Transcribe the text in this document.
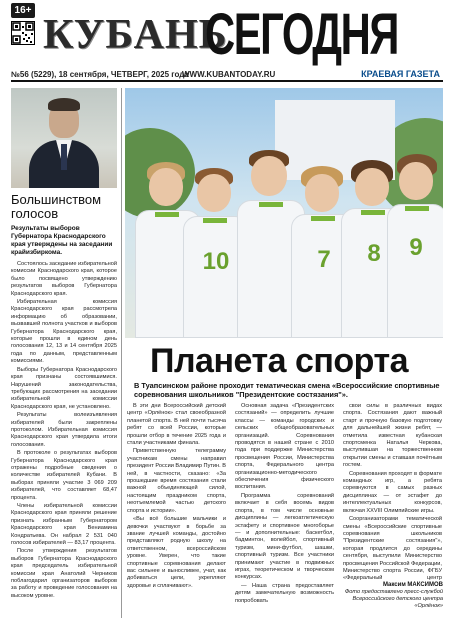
16+
КУБАНЬ
СЕГОДНЯ
№56 (5229), 18 сентября, ЧЕТВЕРГ, 2025 года
WWW.KUBANTODAY.RU	КРАЕВАЯ ГАЗЕТА
Большинством голосов
Результаты выборов Губернатора Краснодарского края утверждены на заседании крайизбиркома.

Состоялось заседание избирательной комиссии Краснодарского края, которое было посвящено утверждению результатов выборов Губернатора Краснодарского края.

Избирательная комиссия Краснодарского края рассмотрела информацию об образовании, вызвавшей полнота участков и выборов Губернатора Краснодарского края, которые прошли в едином день голосования 12, 13 и 14 сентября 2025 года по данным, представленным комиссиями.

Выборы Губернатора Краснодарского края признаны состоявшимися. Нарушений законодательства, требующих рассмотрения на заседании избирательной комиссии Краснодарского края, не установлено.

Результаты волеизъявления избирателей были закреплены протоколом. Избирательная комиссия Краснодарского края утвердила итоги голосования.

В протоколе о результатах выборов Губернатора Краснодарского края отражены подробные сведения о количестве избирателей Кубани. В выборах приняли участие 3 069 209 избирателей, что составляет 68,47 процента.

Члены избирательной комиссии Краснодарского края приняли решение признать избранным Губернатором Краснодарского края Вениамина Кондратьева. Он набрал 2 531 040 голосов избирателей — 83,17 процента.

После утверждения результатов выборов Губернатора Краснодарского края председатель избирательной комиссии края Анатолий Черников поблагодарил организаторов выборов за работу и проведение голосования на высоком уровне.

10	7	8	9
Планета спорта
В Туапсинском районе проходит тематическая смена «Всероссийские спортивные соревнования школьников "Президентские состязания"».

В эти дни Всероссийский детский центр «Орлёнок» стал своеобразной планетой спорта. В ней почти тысяча ребят со всей России, которые прошли отбор в течение 2025 года и стали участниками финала.

Приветственную телеграмму участникам смены направил президент России Владимир Путин. В ней, в частности, сказано: «За прошедшие время состязания стали важной объединяющей силой, настоящим праздником спорта, неотъемлемой частью детского спорта и истории».

«Вы всё большие мальчики и девочки участвуют в борьбе за звание лучшей команды, достойно представляют родную школу на ответственном, всероссийском уровне. Уверен, что такие спортивные соревнования делают вас сильнее и выносливее, учат, как добиваться цели, укрепляют здоровье и сплачивают».

Основная задача «Президентских состязаний» — определить лучшие классы — команды городских и сельских общеобразовательных организаций. Соревнования проводятся в нашей стране с 2010 года при поддержке Министерства просвещения России, Министерства спорта, Федерального центра организационно-методического обеспечения физического воспитания.

Программа соревнований включает в себя восемь видов спорта, в том числе основные дисциплины — легкоатлетическую эстафету и спортивное многоборье — и дополнительные: баскетбол, бадминтон, волейбол, спортивный туризм, мини-футбол, шашки, спортивный туризм. Все участники принимают участие в подвижных играх, теоретическом и творческом конкурсах.

— Наша страна предоставляет детям замечательную возможность попробовать

свои силы в различных видах спорта. Состязания дают важный старт и прочную базовую подготовку для дальнейшей жизни ребят, — отметила известная кубанская спортсменка Наталья Черкова, выступившая на торжественном открытии смены и ставшая почётным гостем.

Соревнования проходят в формате командных игр, а ребята соревнуются в самых разных дисциплинах — от эстафет до интеллектуальных конкурсов, включая XXVIII Олимпийские игры.

Соорганизаторами тематической смены «Всероссийские спортивные соревнования школьников "Президентские состязания"», которая продлится до середины сентября, выступили Министерство просвещения Российской Федерации, Министерство спорта России, ФГБУ «Федеральный центр

Максим МАКСИМОВ
Фото предоставлено пресс-службой Всероссийского детского центра «Орлёнок»
